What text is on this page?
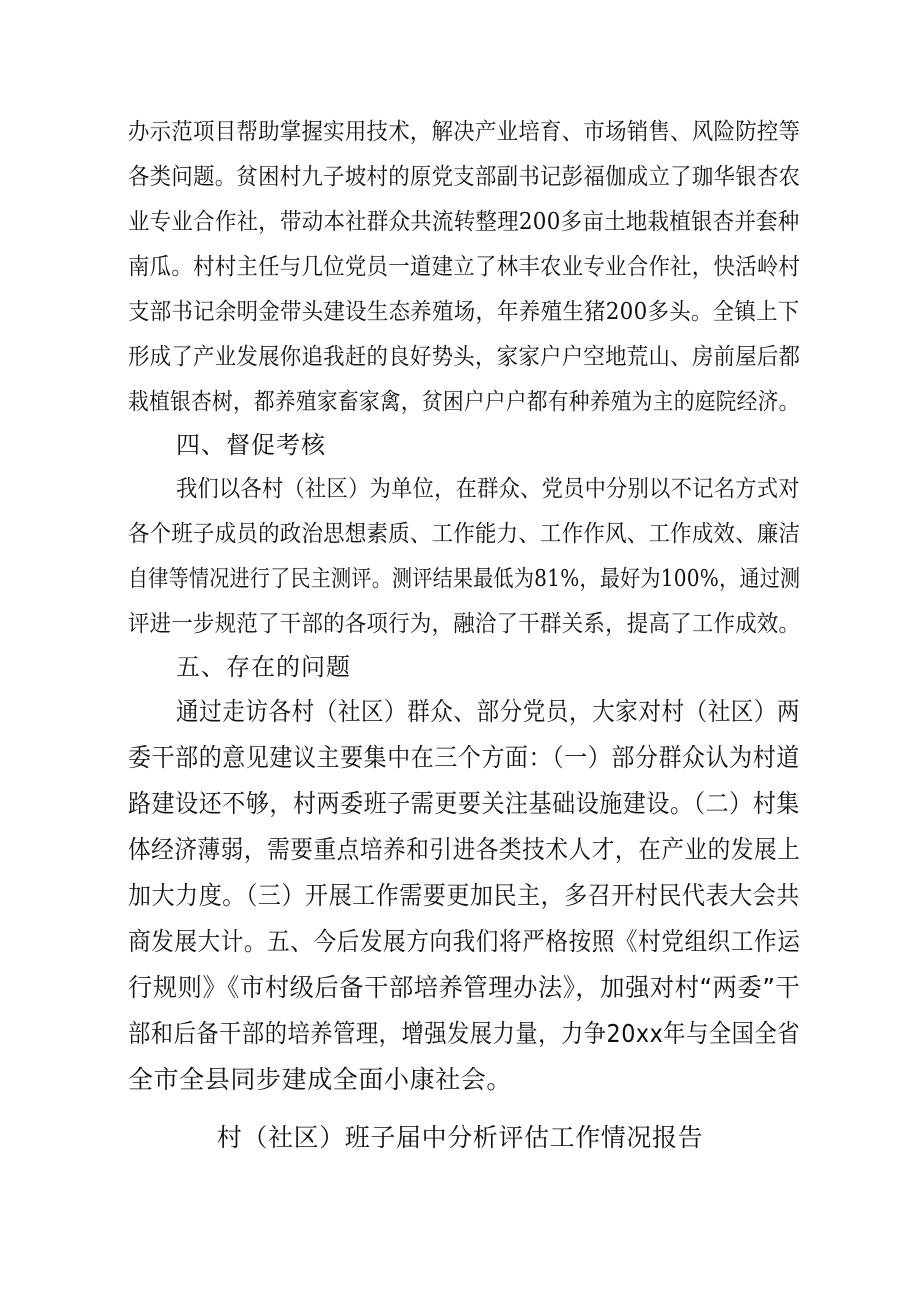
办示范项目帮助掌握实用技术，解决产业培育、市场销售、风险防控等
各类问题。贫困村九子坡村的原党支部副书记彭福伽成立了珈华银杏农
业专业合作社，带动本社群众共流转整理200多亩土地栽植银杏并套种
南瓜。村村主任与几位党员一道建立了林丰农业专业合作社，快活岭村
支部书记余明金带头建设生态养殖场，年养殖生猪200多头。全镇上下
形成了产业发展你追我赶的良好势头，家家户户空地荒山、房前屋后都
栽植银杏树，都养殖家畜家禽，贫困户户户都有种养殖为主的庭院经济。
四、督促考核
我们以各村（社区）为单位，在群众、党员中分别以不记名方式对
各个班子成员的政治思想素质、工作能力、工作作风、工作成效、廉洁
自律等情况进行了民主测评。测评结果最低为81%，最好为100%，通过测
评进一步规范了干部的各项行为，融洽了干群关系，提高了工作成效。
五、存在的问题
通过走访各村（社区）群众、部分党员，大家对村（社区）两
委干部的意见建议主要集中在三个方面：（一）部分群众认为村道
路建设还不够，村两委班子需更要关注基础设施建设。（二）村集
体经济薄弱，需要重点培养和引进各类技术人才，在产业的发展上
加大力度。（三）开展工作需要更加民主，多召开村民代表大会共
商发展大计。五、今后发展方向我们将严格按照《村党组织工作运
行规则》《市村级后备干部培养管理办法》，加强对村“两委”干
部和后备干部的培养管理，增强发展力量，力争20xx年与全国全省
全市全县同步建成全面小康社会。
村（社区）班子届中分析评估工作情况报告
